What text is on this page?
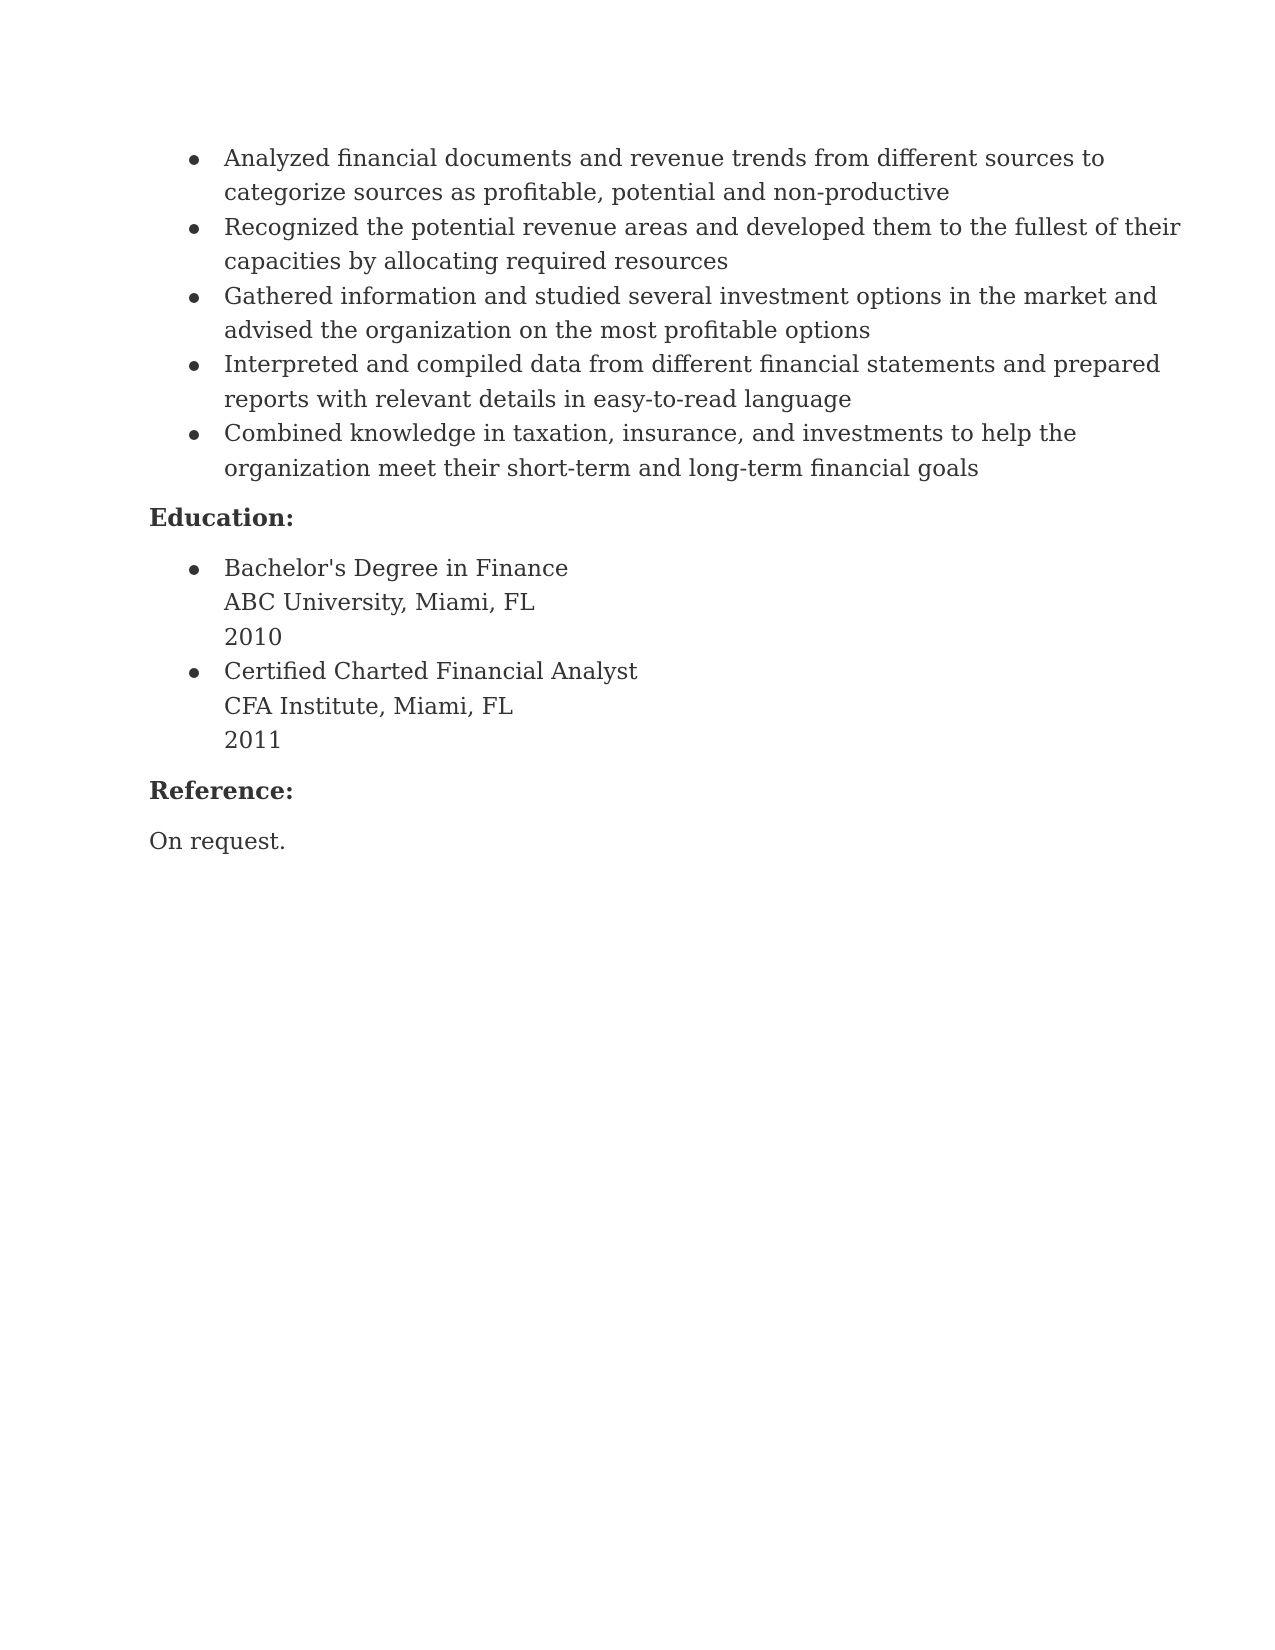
Analyzed financial documents and revenue trends from different sources to
categorize sources as profitable, potential and non-productive
Recognized the potential revenue areas and developed them to the fullest of their
capacities by allocating required resources
Gathered information and studied several investment options in the market and
advised the organization on the most profitable options
Interpreted and compiled data from different financial statements and prepared
reports with relevant details in easy-to-read language
Combined knowledge in taxation, insurance, and investments to help the
organization meet their short-term and long-term financial goals
Education:
Bachelor's Degree in Finance
ABC University, Miami, FL
2010
Certified Charted Financial Analyst
CFA Institute, Miami, FL
2011
Reference:

On request.
